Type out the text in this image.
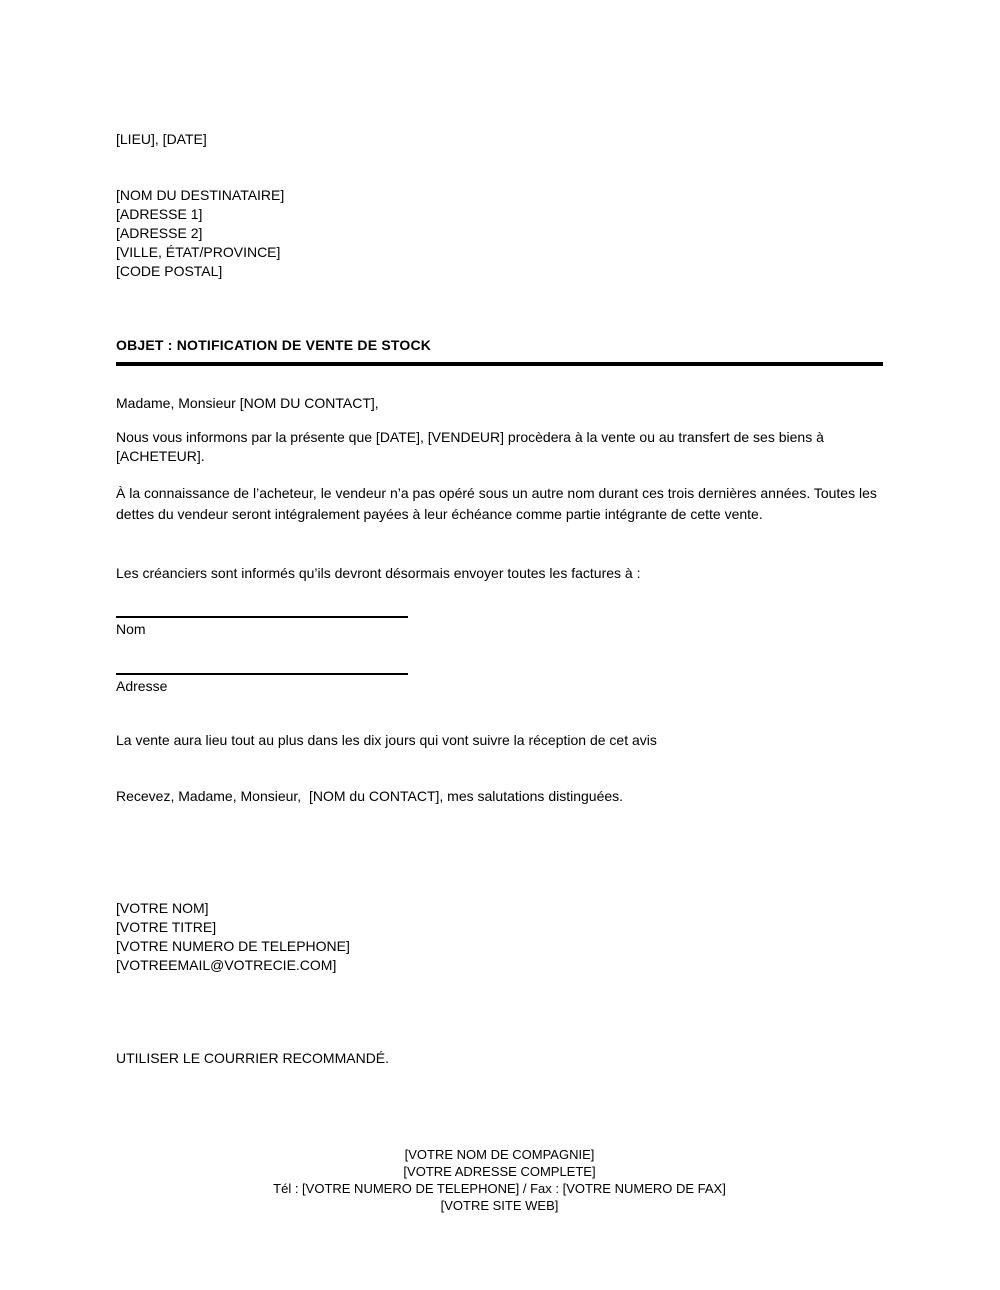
[LIEU], [DATE]
[NOM DU DESTINATAIRE]
[ADRESSE 1]
[ADRESSE 2]
[VILLE, ÉTAT/PROVINCE]
[CODE POSTAL]
OBJET : NOTIFICATION DE VENTE DE STOCK
Madame, Monsieur [NOM DU CONTACT],
Nous vous informons par la présente que [DATE], [VENDEUR] procèdera à la vente ou au transfert de ses biens à [ACHETEUR].
À la connaissance de l’acheteur, le vendeur n’a pas opéré sous un autre nom durant ces trois dernières années. Toutes les dettes du vendeur seront intégralement payées à leur échéance comme partie intégrante de cette vente.
Les créanciers sont informés qu’ils devront désormais envoyer toutes les factures à :
Nom
Adresse
La vente aura lieu tout au plus dans les dix jours qui vont suivre la réception de cet avis
Recevez, Madame, Monsieur,  [NOM du CONTACT], mes salutations distinguées.
[VOTRE NOM]
[VOTRE TITRE]
[VOTRE NUMERO DE TELEPHONE]
[VOTREEMAIL@VOTRECIE.COM]
UTILISER LE COURRIER RECOMMANDÉ.
[VOTRE NOM DE COMPAGNIE]
[VOTRE ADRESSE COMPLETE]
Tél : [VOTRE NUMERO DE TELEPHONE] / Fax : [VOTRE NUMERO DE FAX]
[VOTRE SITE WEB]
